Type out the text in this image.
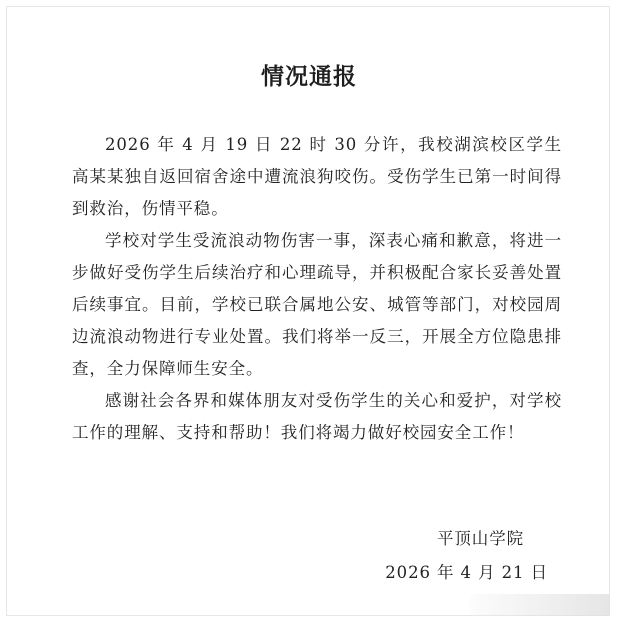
情况通报

2026 年 4 月 19 日 22 时 30 分许，我校湖滨校区学生高某某独自返回宿舍途中遭流浪狗咬伤。受伤学生已第一时间得到救治，伤情平稳。

学校对学生受流浪动物伤害一事，深表心痛和歉意，将进一步做好受伤学生后续治疗和心理疏导，并积极配合家长妥善处置后续事宜。目前，学校已联合属地公安、城管等部门，对校园周边流浪动物进行专业处置。我们将举一反三，开展全方位隐患排查，全力保障师生安全。

感谢社会各界和媒体朋友对受伤学生的关心和爱护，对学校工作的理解、支持和帮助！我们将竭力做好校园安全工作！

平顶山学院
2026 年 4 月 21 日
